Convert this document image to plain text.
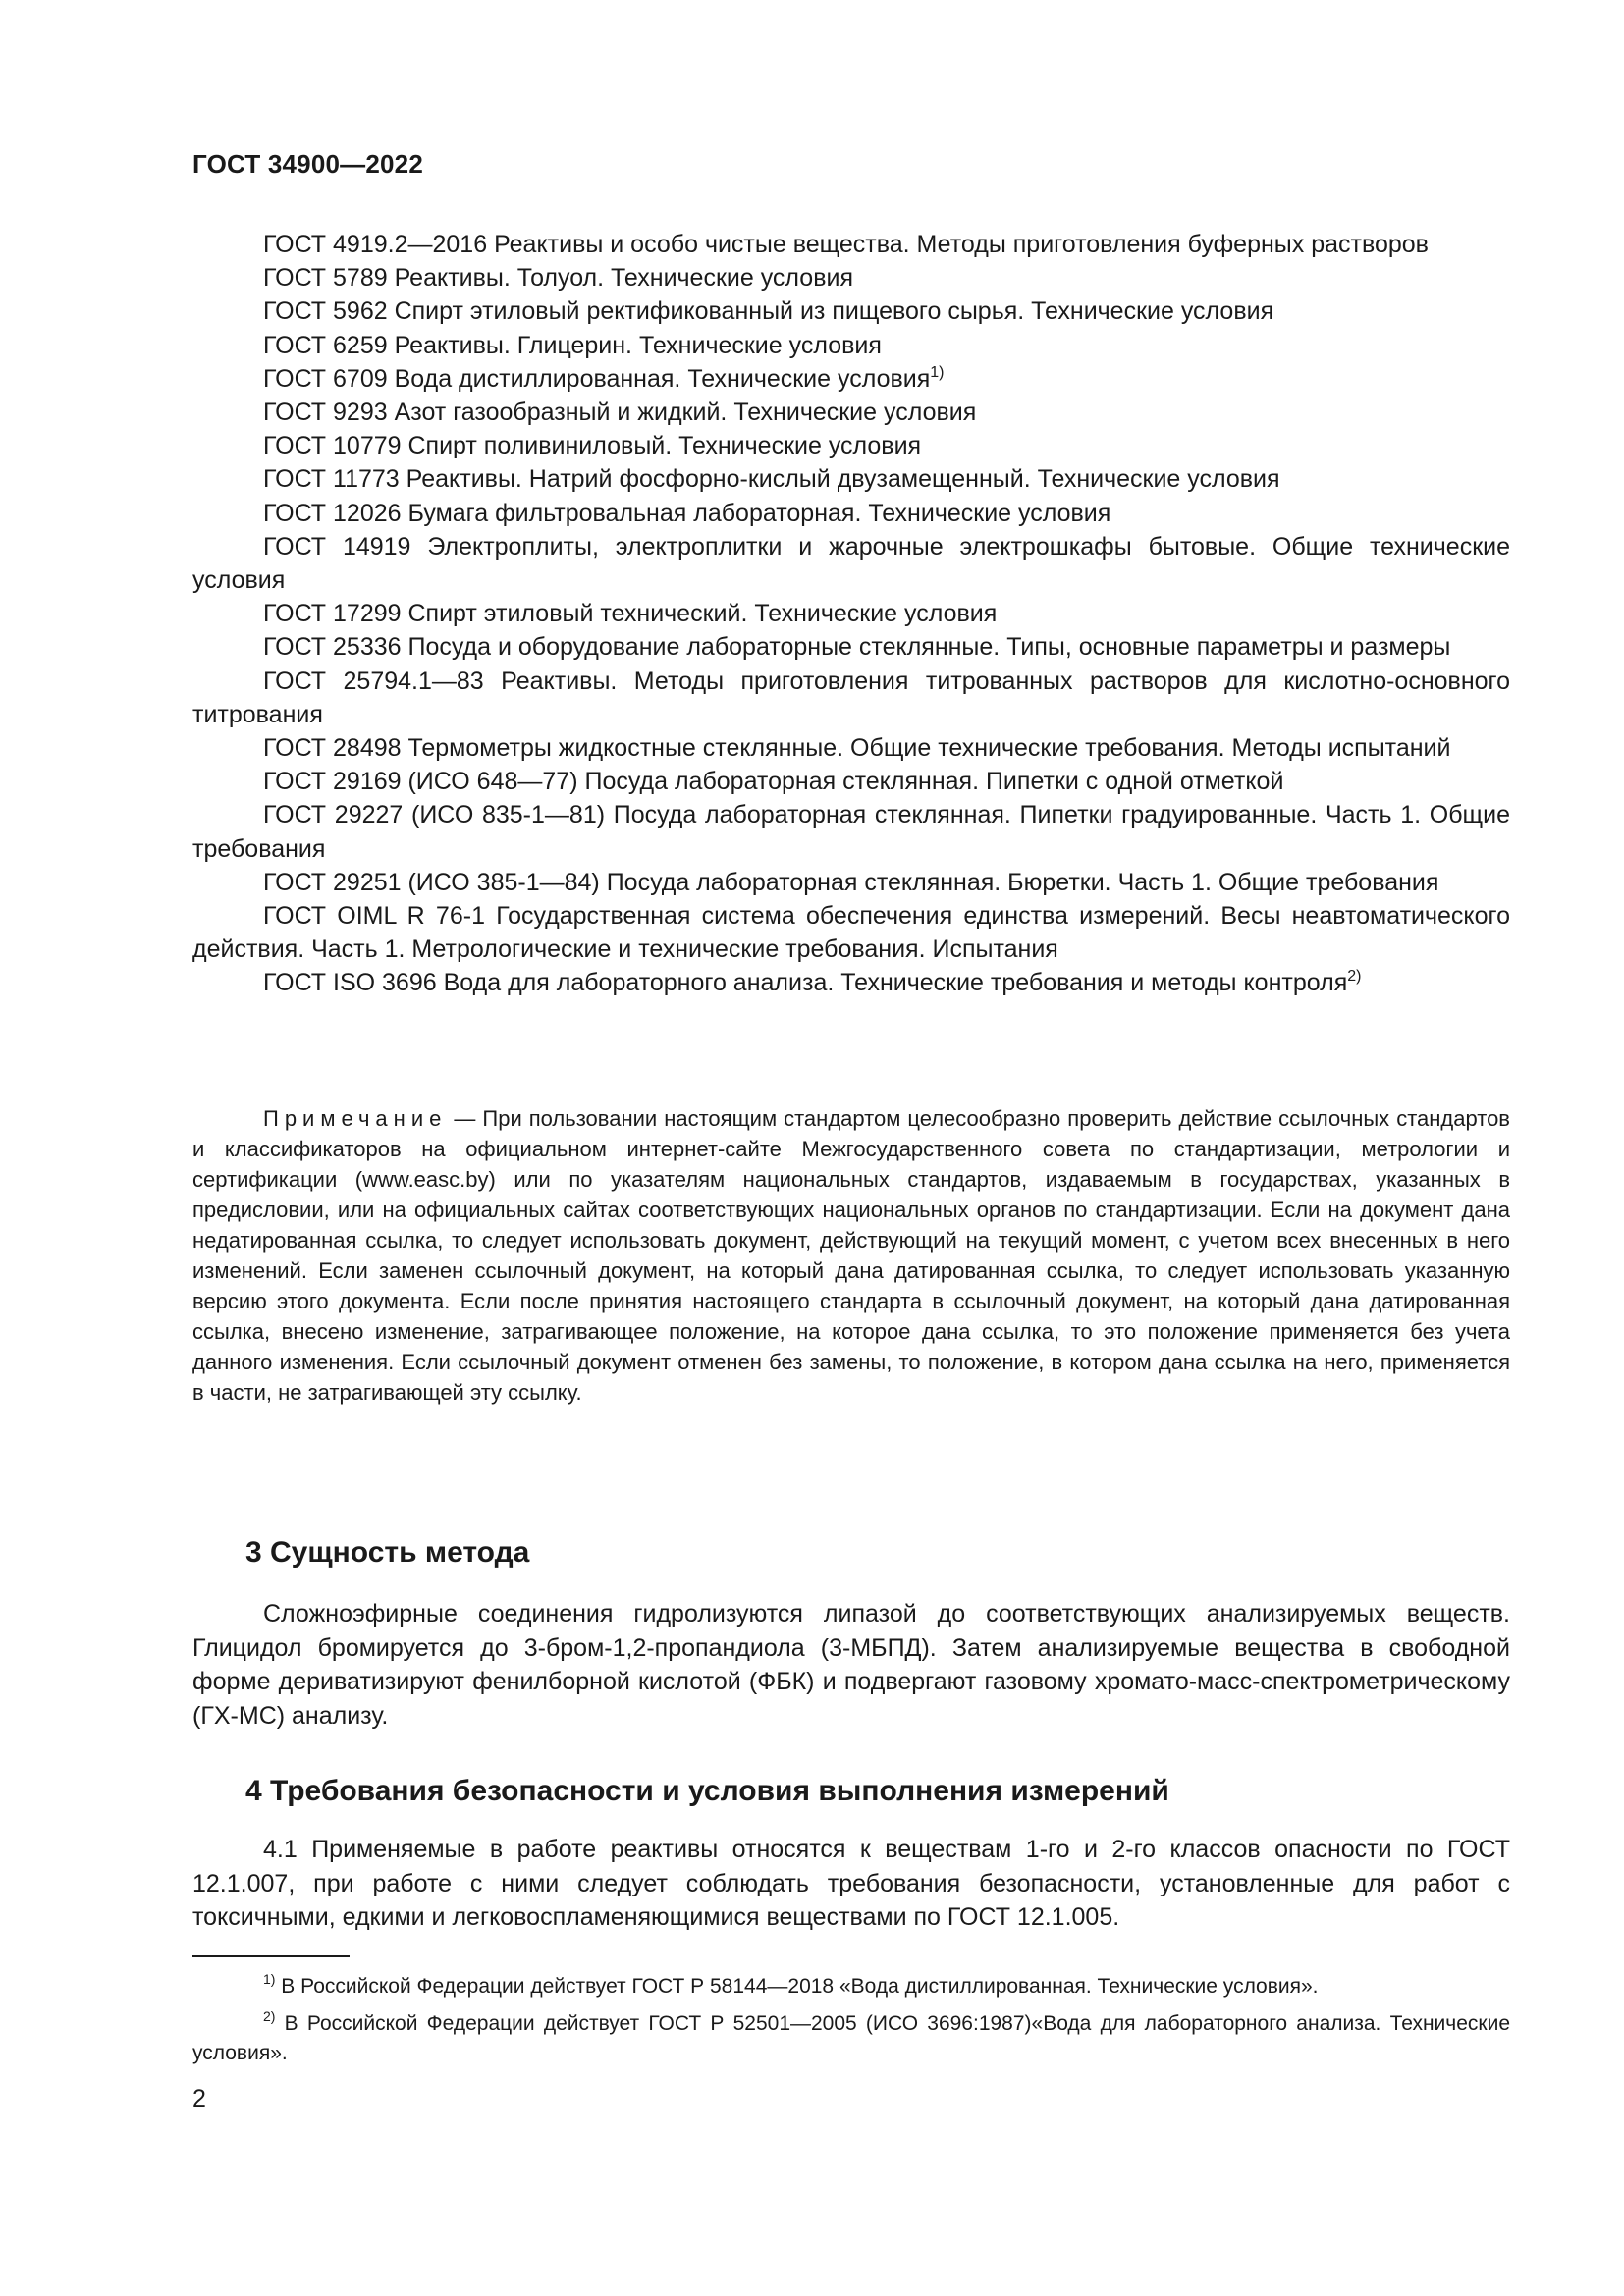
ГОСТ 34900—2022

ГОСТ 4919.2—2016 Реактивы и особо чистые вещества. Методы приготовления буферных растворов

ГОСТ 5789 Реактивы. Толуол. Технические условия

ГОСТ 5962 Спирт этиловый ректификованный из пищевого сырья. Технические условия

ГОСТ 6259 Реактивы. Глицерин. Технические условия

ГОСТ 6709 Вода дистиллированная. Технические условия$^{1)}$

ГОСТ 9293 Азот газообразный и жидкий. Технические условия

ГОСТ 10779 Спирт поливиниловый. Технические условия

ГОСТ 11773 Реактивы. Натрий фосфорно-кислый двузамещенный. Технические условия

ГОСТ 12026 Бумага фильтровальная лабораторная. Технические условия

ГОСТ 14919 Электроплиты, электроплитки и жарочные электрошкафы бытовые. Общие технические условия

ГОСТ 17299 Спирт этиловый технический. Технические условия

ГОСТ 25336 Посуда и оборудование лабораторные стеклянные. Типы, основные параметры и размеры

ГОСТ 25794.1—83 Реактивы. Методы приготовления титрованных растворов для кислотно-основного титрования

ГОСТ 28498 Термометры жидкостные стеклянные. Общие технические требования. Методы испытаний

ГОСТ 29169 (ИСО 648—77) Посуда лабораторная стеклянная. Пипетки с одной отметкой

ГОСТ 29227 (ИСО 835-1—81) Посуда лабораторная стеклянная. Пипетки градуированные. Часть 1. Общие требования

ГОСТ 29251 (ИСО 385-1—84) Посуда лабораторная стеклянная. Бюретки. Часть 1. Общие требования

ГОСТ OIML R 76-1 Государственная система обеспечения единства измерений. Весы неавтоматического действия. Часть 1. Метрологические и технические требования. Испытания

ГОСТ ISO 3696 Вода для лабораторного анализа. Технические требования и методы контроля$^{2)}$

Примечание — При пользовании настоящим стандартом целесообразно проверить действие ссылочных стандартов и классификаторов на официальном интернет-сайте Межгосударственного совета по стандартизации, метрологии и сертификации (www.easc.by) или по указателям национальных стандартов, издаваемым в государствах, указанных в предисловии, или на официальных сайтах соответствующих национальных органов по стандартизации. Если на документ дана недатированная ссылка, то следует использовать документ, действующий на текущий момент, с учетом всех внесенных в него изменений. Если заменен ссылочный документ, на который дана датированная ссылка, то следует использовать указанную версию этого документа. Если после принятия настоящего стандарта в ссылочный документ, на который дана датированная ссылка, внесено изменение, затрагивающее положение, на которое дана ссылка, то это положение применяется без учета данного изменения. Если ссылочный документ отменен без замены, то положение, в котором дана ссылка на него, применяется в части, не затрагивающей эту ссылку.

3 Сущность метода

Сложноэфирные соединения гидролизуются липазой до соответствующих анализируемых веществ. Глицидол бромируется до 3-бром-1,2-пропандиола (3-МБПД). Затем анализируемые вещества в свободной форме дериватизируют фенилборной кислотой (ФБК) и подвергают газовому хромато-масс-спектрометрическому (ГХ-МС) анализу.

4 Требования безопасности и условия выполнения измерений

4.1 Применяемые в работе реактивы относятся к веществам 1-го и 2-го классов опасности по ГОСТ 12.1.007, при работе с ними следует соблюдать требования безопасности, установленные для работ с токсичными, едкими и легковоспламеняющимися веществами по ГОСТ 12.1.005.

$^{1)}$ В Российской Федерации действует ГОСТ Р 58144—2018 «Вода дистиллированная. Технические условия».

$^{2)}$ В Российской Федерации действует ГОСТ Р 52501—2005 (ИСО 3696:1987)«Вода для лабораторного анализа. Технические условия».

2
